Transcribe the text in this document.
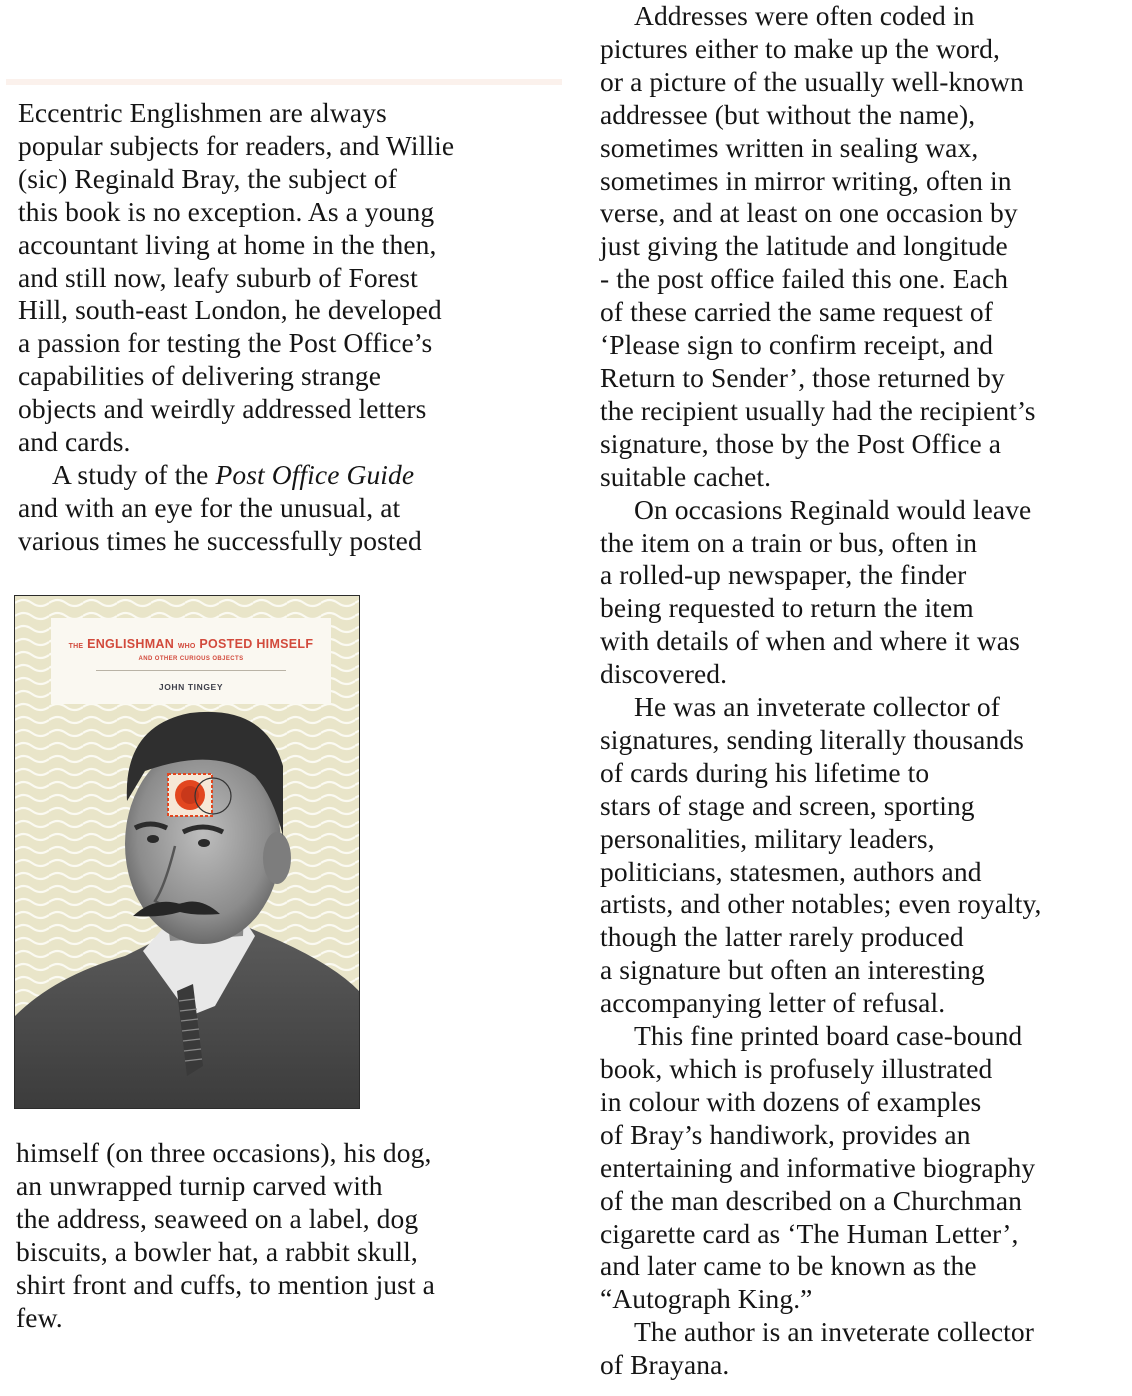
Eccentric Englishmen are always
popular subjects for readers, and Willie
(sic) Reginald Bray, the subject of
this book is no exception. As a young
accountant living at home in the then,
and still now, leafy suburb of Forest
Hill, south-east London, he developed
a passion for testing the Post Office’s
capabilities of delivering strange
objects and weirdly addressed letters
and cards.
A study of the Post Office Guide
and with an eye for the unusual, at
various times he successfully posted
THE ENGLISHMAN WHO POSTED HIMSELF
AND OTHER CURIOUS OBJECTS
JOHN TINGEY
himself (on three occasions), his dog,
an unwrapped turnip carved with
the address, seaweed on a label, dog
biscuits, a bowler hat, a rabbit skull,
shirt front and cuffs, to mention just a
few.
Addresses were often coded in
pictures either to make up the word,
or a picture of the usually well-known
addressee (but without the name),
sometimes written in sealing wax,
sometimes in mirror writing, often in
verse, and at least on one occasion by
just giving the latitude and longitude
- the post office failed this one. Each
of these carried the same request of
‘Please sign to confirm receipt, and
Return to Sender’, those returned by
the recipient usually had the recipient’s
signature, those by the Post Office a
suitable cachet.
On occasions Reginald would leave
the item on a train or bus, often in
a rolled-up newspaper, the finder
being requested to return the item
with details of when and where it was
discovered.
He was an inveterate collector of
signatures, sending literally thousands
of cards during his lifetime to
stars of stage and screen, sporting
personalities, military leaders,
politicians, statesmen, authors and
artists, and other notables; even royalty,
though the latter rarely produced
a signature but often an interesting
accompanying letter of refusal.
This fine printed board case-bound
book, which is profusely illustrated
in colour with dozens of examples
of Bray’s handiwork, provides an
entertaining and informative biography
of the man described on a Churchman
cigarette card as ‘The Human Letter’,
and later came to be known as the
“Autograph King.”
The author is an inveterate collector
of Brayana.
